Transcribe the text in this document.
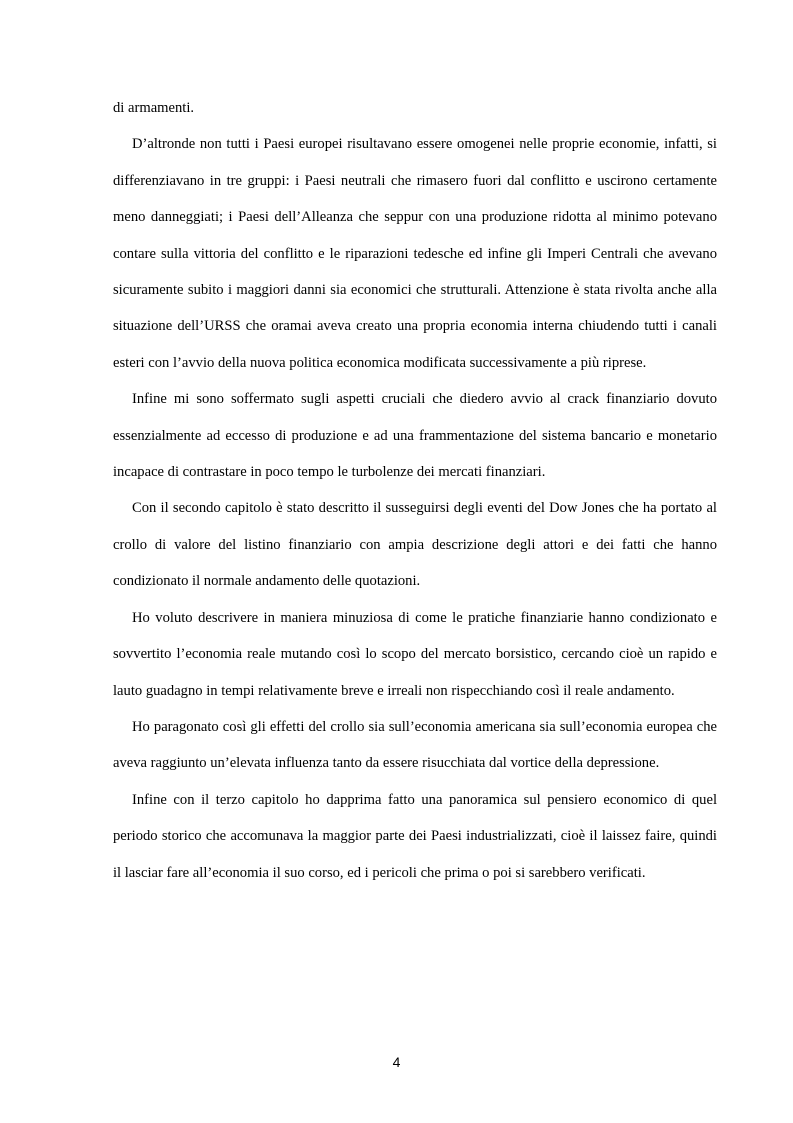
di armamenti.

D’altronde non tutti i Paesi europei risultavano essere omogenei nelle proprie economie, infatti, si differenziavano in tre gruppi: i Paesi neutrali che rimasero fuori dal conflitto e uscirono certamente meno danneggiati; i Paesi dell’Alleanza che seppur con una produzione ridotta al minimo potevano contare sulla vittoria del conflitto e le riparazioni tedesche ed infine gli Imperi Centrali che avevano sicuramente subito i maggiori danni sia economici che strutturali. Attenzione è stata rivolta anche alla situazione dell’URSS che oramai aveva creato una propria economia interna chiudendo tutti i canali esteri con l’avvio della nuova politica economica modificata successivamente a più riprese.

Infine mi sono soffermato sugli aspetti cruciali che diedero avvio al crack finanziario dovuto essenzialmente ad eccesso di produzione e ad una frammentazione del sistema bancario e monetario incapace di contrastare in poco tempo le turbolenze dei mercati finanziari.

Con il secondo capitolo è stato descritto il susseguirsi degli eventi del Dow Jones che ha portato al crollo di valore del listino finanziario con ampia descrizione degli attori e dei fatti che hanno condizionato il normale andamento delle quotazioni.

Ho voluto descrivere in maniera minuziosa di come le pratiche finanziarie hanno condizionato e sovvertito l’economia reale mutando così lo scopo del mercato borsistico, cercando cioè un rapido e lauto guadagno in tempi relativamente breve e irreali non rispecchiando così il reale andamento.

Ho paragonato così gli effetti del crollo sia sull’economia americana sia sull’economia europea che aveva raggiunto un’elevata influenza tanto da essere risucchiata dal vortice della depressione.

Infine con il terzo capitolo ho dapprima fatto una panoramica sul pensiero economico di quel periodo storico che accomunava la maggior parte dei Paesi industrializzati, cioè il laissez faire, quindi il lasciar fare all’economia il suo corso, ed i pericoli che prima o poi si sarebbero verificati.

4
